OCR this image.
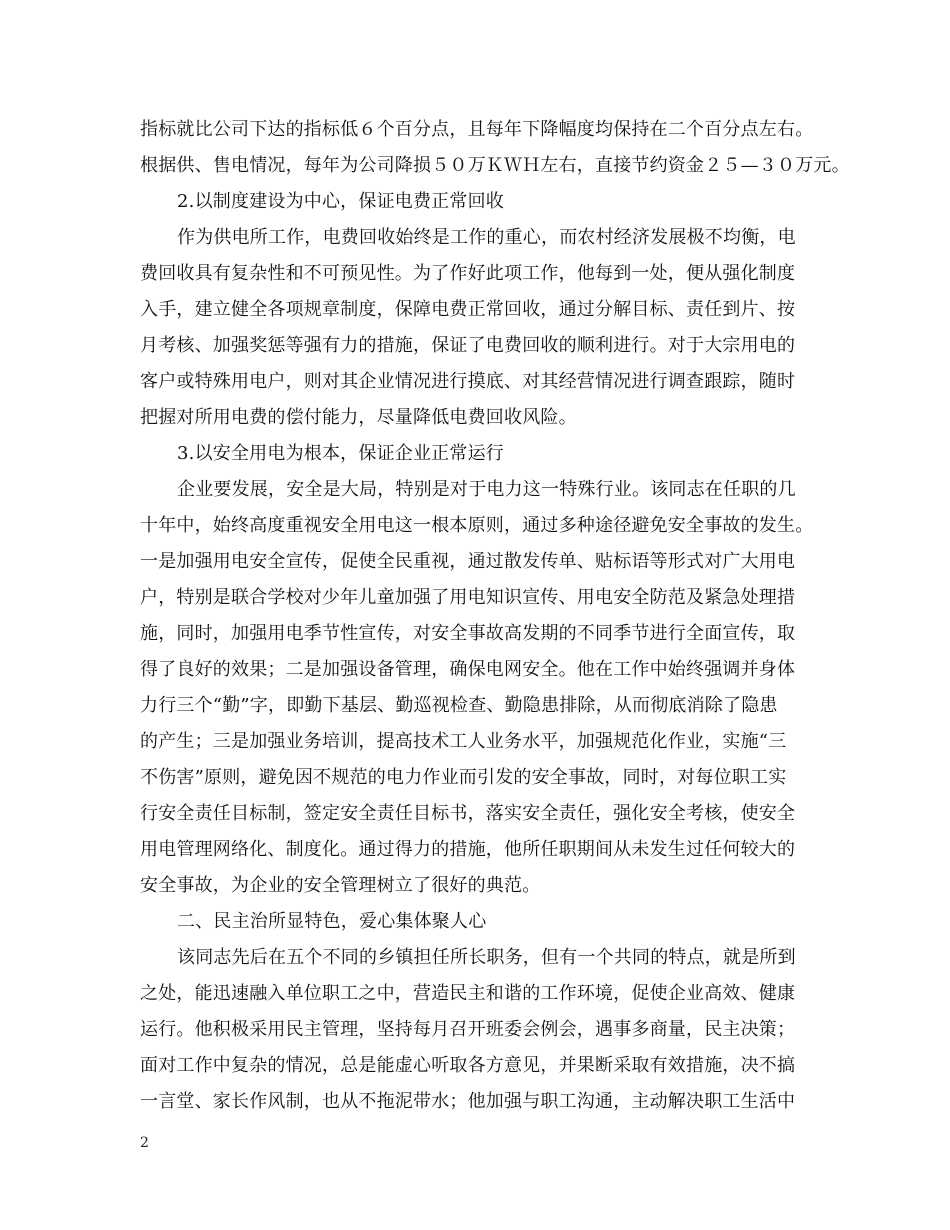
指标就比公司下达的指标低６个百分点，且每年下降幅度均保持在二个百分点左右。
根据供、售电情况，每年为公司降损５０万ＫＷＨ左右，直接节约资金２５—３０万元。
2.以制度建设为中心，保证电费正常回收
作为供电所工作，电费回收始终是工作的重心，而农村经济发展极不均衡，电
费回收具有复杂性和不可预见性。为了作好此项工作，他每到一处，便从强化制度
入手，建立健全各项规章制度，保障电费正常回收，通过分解目标、责任到片、按
月考核、加强奖惩等强有力的措施，保证了电费回收的顺利进行。对于大宗用电的
客户或特殊用电户，则对其企业情况进行摸底、对其经营情况进行调查跟踪，随时
把握对所用电费的偿付能力，尽量降低电费回收风险。
3.以安全用电为根本，保证企业正常运行
企业要发展，安全是大局，特别是对于电力这一特殊行业。该同志在任职的几
十年中，始终高度重视安全用电这一根本原则，通过多种途径避免安全事故的发生。
一是加强用电安全宣传，促使全民重视，通过散发传单、贴标语等形式对广大用电
户，特别是联合学校对少年儿童加强了用电知识宣传、用电安全防范及紧急处理措
施，同时，加强用电季节性宣传，对安全事故高发期的不同季节进行全面宣传，取
得了良好的效果；二是加强设备管理，确保电网安全。他在工作中始终强调并身体
力行三个“勤”字，即勤下基层、勤巡视检查、勤隐患排除，从而彻底消除了隐患
的产生；三是加强业务培训，提高技术工人业务水平，加强规范化作业，实施“三
不伤害”原则，避免因不规范的电力作业而引发的安全事故，同时，对每位职工实
行安全责任目标制，签定安全责任目标书，落实安全责任，强化安全考核，使安全
用电管理网络化、制度化。通过得力的措施，他所任职期间从未发生过任何较大的
安全事故，为企业的安全管理树立了很好的典范。
二、民主治所显特色，爱心集体聚人心
该同志先后在五个不同的乡镇担任所长职务，但有一个共同的特点，就是所到
之处，能迅速融入单位职工之中，营造民主和谐的工作环境，促使企业高效、健康
运行。他积极采用民主管理，坚持每月召开班委会例会，遇事多商量，民主决策；
面对工作中复杂的情况，总是能虚心听取各方意见，并果断采取有效措施，决不搞
一言堂、家长作风制，也从不拖泥带水；他加强与职工沟通，主动解决职工生活中
2
